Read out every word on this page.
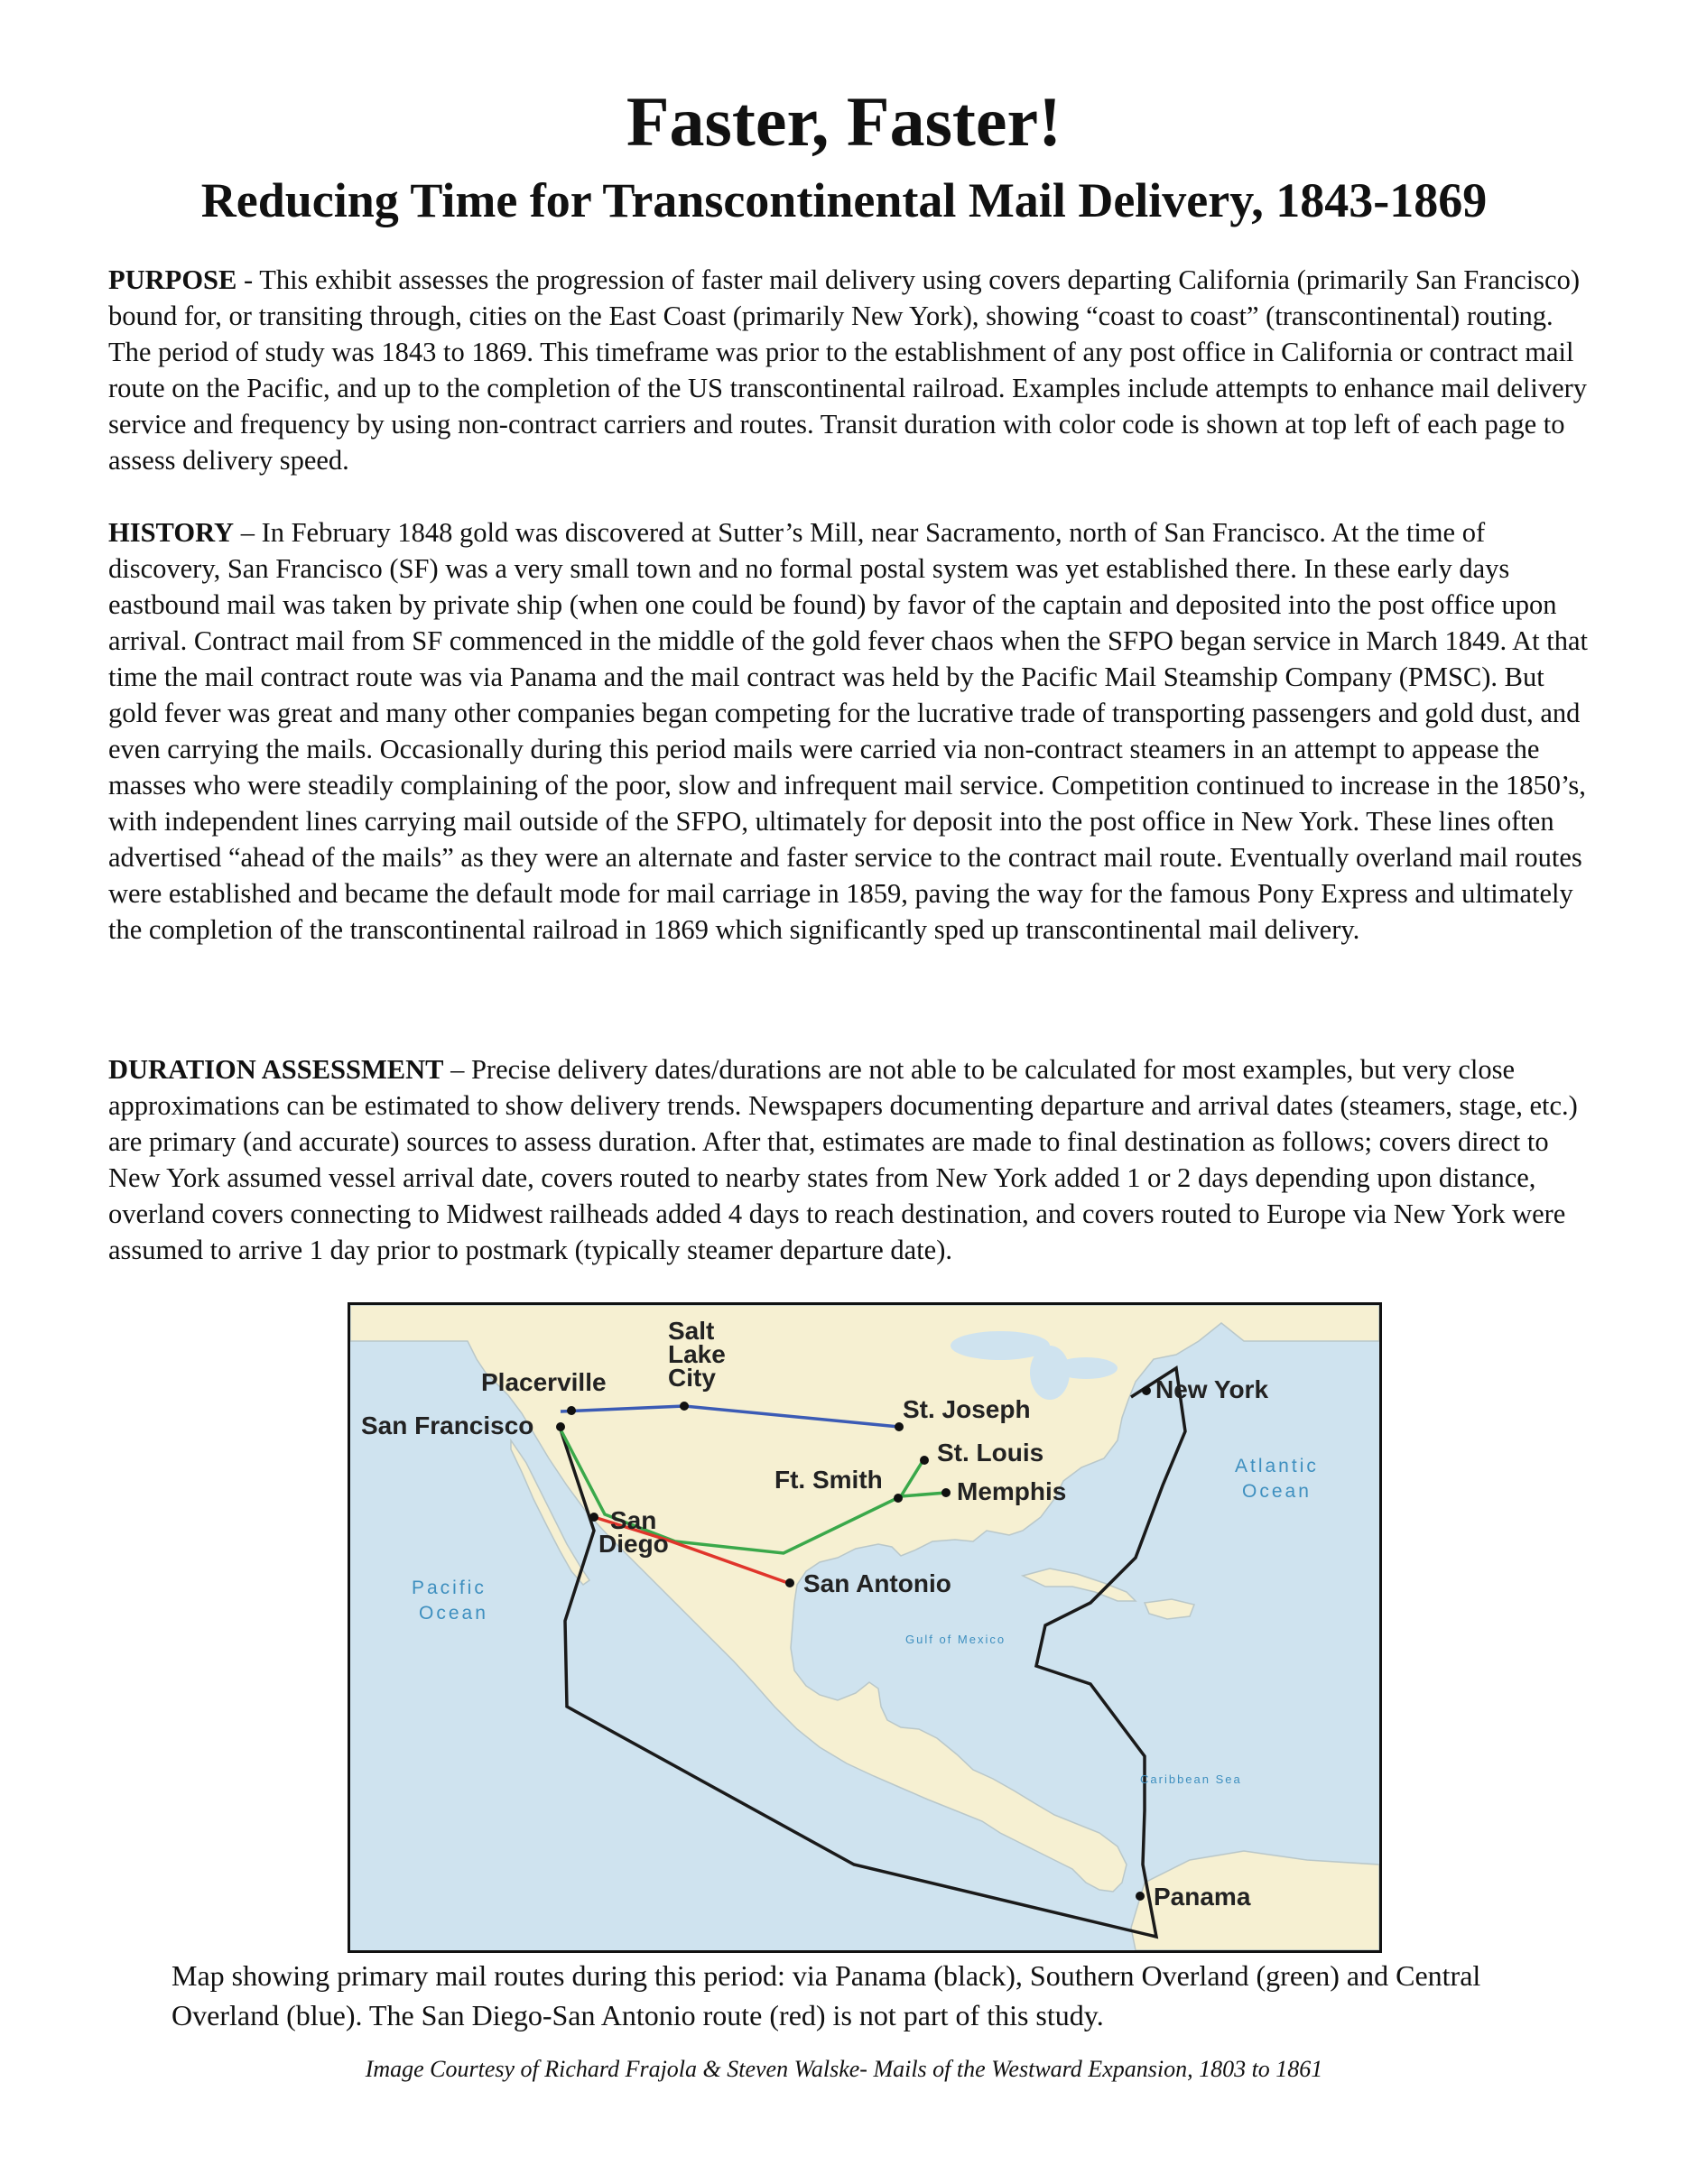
Faster, Faster!
Reducing Time for Transcontinental Mail Delivery, 1843-1869
PURPOSE - This exhibit assesses the progression of faster mail delivery using covers departing California (primarily San Francisco) bound for, or transiting through, cities on the East Coast (primarily New York), showing “coast to coast” (transcontinental) routing. The period of study was 1843 to 1869. This timeframe was prior to the establishment of any post office in California or contract mail route on the Pacific, and up to the completion of the US transcontinental railroad. Examples include attempts to enhance mail delivery service and frequency by using non-contract carriers and routes. Transit duration with color code is shown at top left of each page to assess delivery speed.
HISTORY – In February 1848 gold was discovered at Sutter’s Mill, near Sacramento, north of San Francisco. At the time of discovery, San Francisco (SF) was a very small town and no formal postal system was yet established there. In these early days eastbound mail was taken by private ship (when one could be found) by favor of the captain and deposited into the post office upon arrival. Contract mail from SF commenced in the middle of the gold fever chaos when the SFPO began service in March 1849. At that time the mail contract route was via Panama and the mail contract was held by the Pacific Mail Steamship Company (PMSC). But gold fever was great and many other companies began competing for the lucrative trade of transporting passengers and gold dust, and even carrying the mails. Occasionally during this period mails were carried via non-contract steamers in an attempt to appease the masses who were steadily complaining of the poor, slow and infrequent mail service. Competition continued to increase in the 1850’s, with independent lines carrying mail outside of the SFPO, ultimately for deposit into the post office in New York. These lines often advertised “ahead of the mails” as they were an alternate and faster service to the contract mail route. Eventually overland mail routes were established and became the default mode for mail carriage in 1859, paving the way for the famous Pony Express and ultimately the completion of the transcontinental railroad in 1869 which significantly sped up transcontinental mail delivery.
DURATION ASSESSMENT – Precise delivery dates/durations are not able to be calculated for most examples, but very close approximations can be estimated to show delivery trends. Newspapers documenting departure and arrival dates (steamers, stage, etc.) are primary (and accurate) sources to assess duration. After that, estimates are made to final destination as follows; covers direct to New York assumed vessel arrival date, covers routed to nearby states from New York added 1 or 2 days depending upon distance, overland covers connecting to Midwest railheads added 4 days to reach destination, and covers routed to Europe via New York were assumed to arrive 1 day prior to postmark (typically steamer departure date).
Placerville
Salt
Lake
City
San Francisco
St. Joseph
St. Louis
Ft. Smith	Memphis
San
Diego
San Antonio
New York
Panama
Pacific
Ocean
Atlantic
Ocean
Gulf of Mexico
Caribbean Sea
Map showing primary mail routes during this period: via Panama (black), Southern Overland (green) and Central Overland (blue). The San Diego-San Antonio route (red) is not part of this study.
Image Courtesy of Richard Frajola & Steven Walske- Mails of the Westward Expansion, 1803 to 1861
